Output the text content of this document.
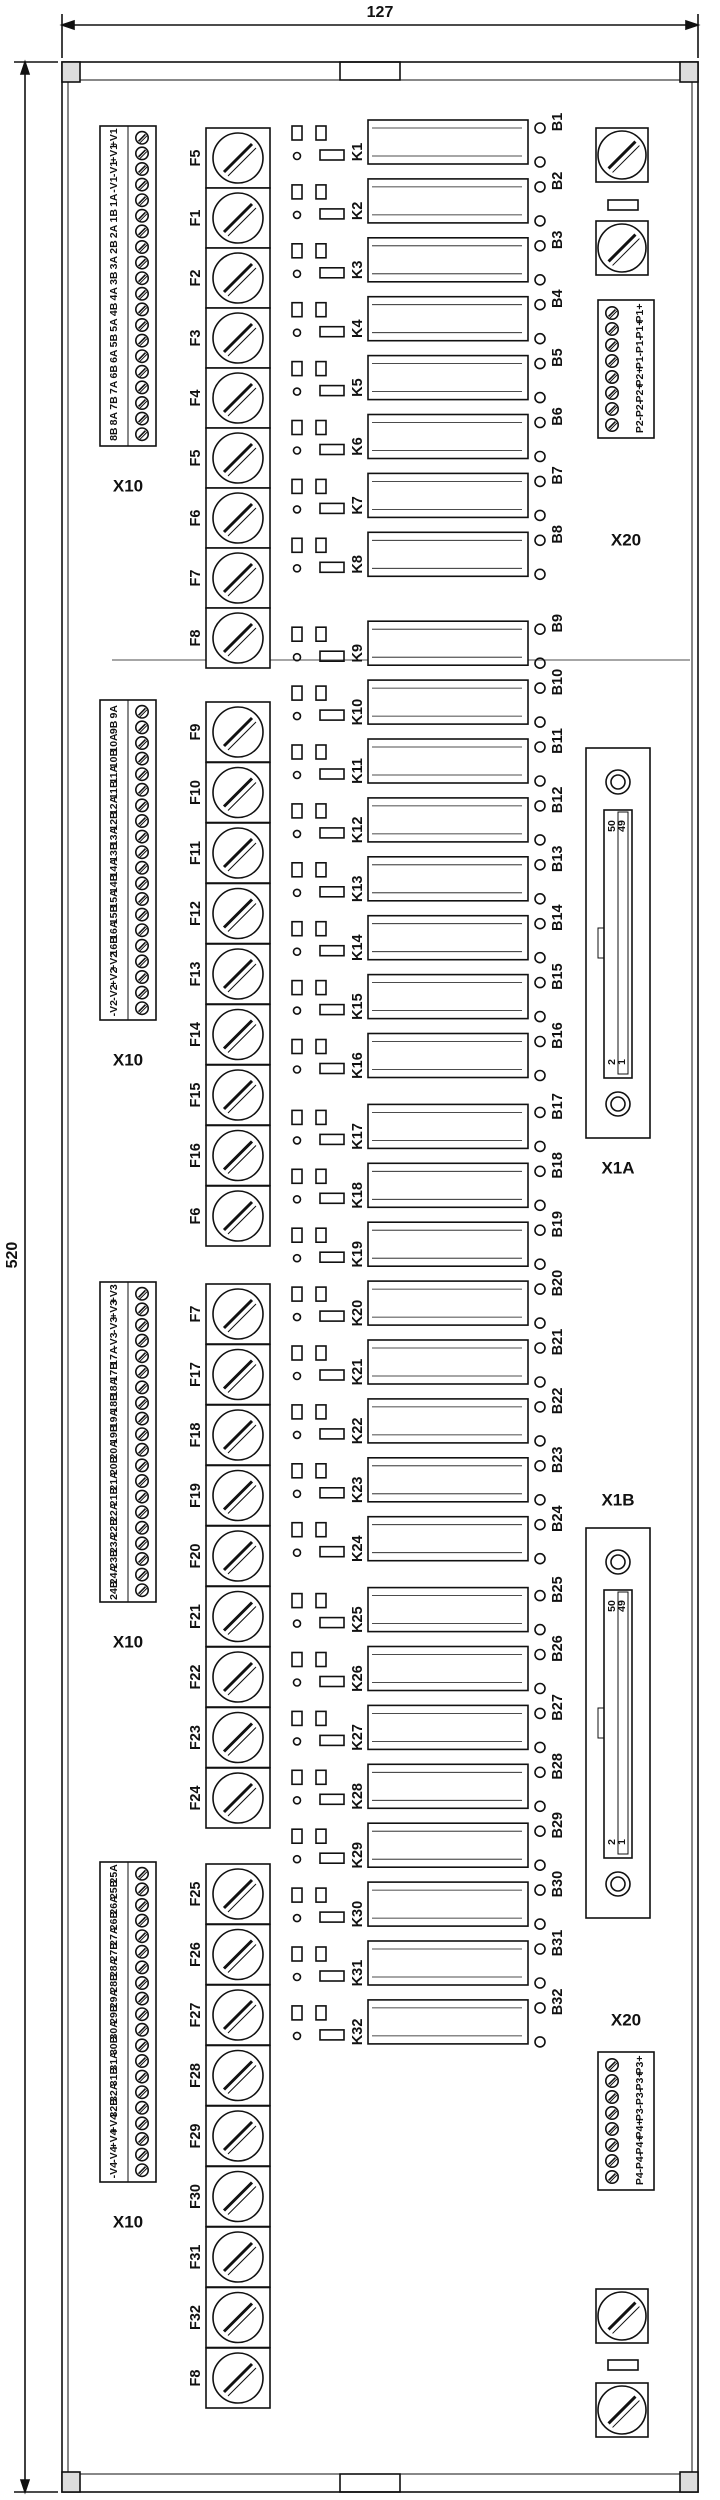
127
520
8B
8A
7B
7A
6B
6A
5B
5A
4B
4A
3B
3A
2B
2A
1B
1A
-V1
-V1
+V1
+V1
X10
-V2
-V2
+V2
+V2
16B
16A
15B
15A
14B
14A
13B
13A
12B
12A
11B
11A
10B
10A
9B
9A
X10
24B
24A
23B
23A
22B
22A
21B
21A
20B
20A
19B
19A
18B
18A
17B
17A
-V3
-V3
+V3
+V3
X10
-V4
-V4
+V4
+V4
32B
32A
31B
31A
30B
30A
29B
29A
28B
28A
27B
27A
26B
26A
25B
25A
X10
F5
F1
F2
F3
F4
F5
F6
F7
F8
F9
F10
F11
F12
F13
F14
F15
F16
F6
F7
F17
F18
F19
F20
F21
F22
F23
F24
F25
F26
F27
F28
F29
F30
F31
F32
F8
K1
B1
K2
B2
K3
B3
K4
B4
K5
B5
K6
B6
K7
B7
K8
B8
K9
B9
K10
B10
K11
B11
K12
B12
K13
B13
K14
B14
K15
B15
K16
B16
K17
B17
K18
B18
K19
B19
K20
B20
K21
B21
K22
B22
K23
B23
K24
B24
K25
B25
K26
B26
K27
B27
K28
B28
K29
B29
K30
B30
K31
B31
K32
B32
P2-
P2-
P2+
P2+
P1-
P1-
P1+
P1+
X20
P4-
P4-
P4+
P4+
P3-
P3-
P3+
P3+
X20
50
49
2
1
X1A
50
49
2
1
X1B
